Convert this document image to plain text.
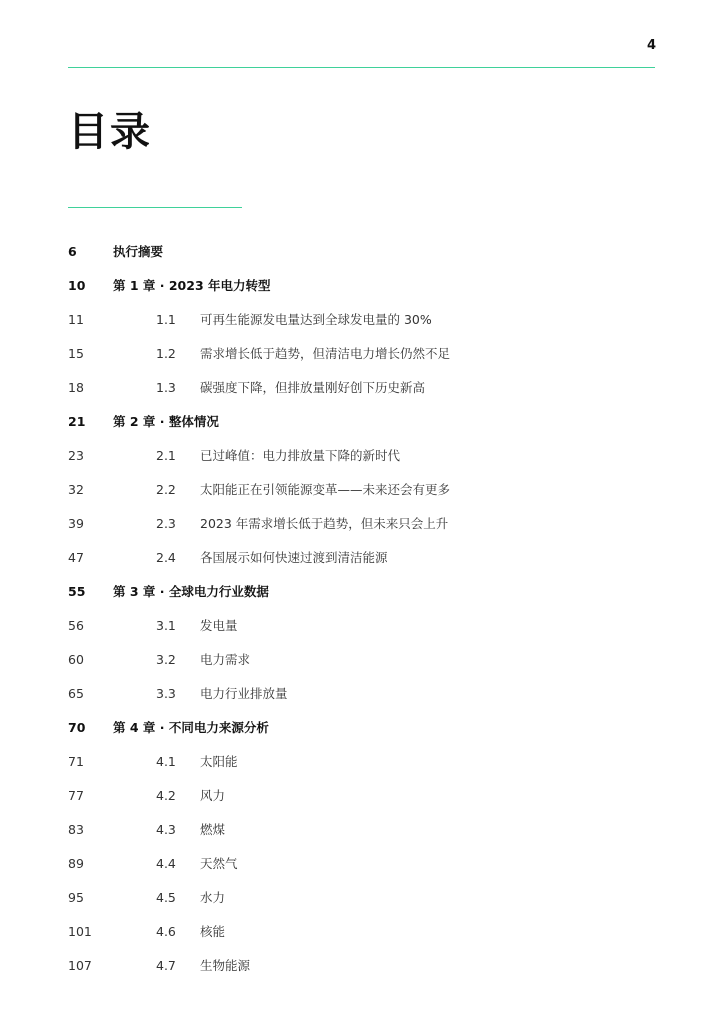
4
目录
6	执行摘要
10 第 1 章 · 2023 年电力转型
11	1.1 可再生能源发电量达到全球发电量的 30%
15	1.2 需求增长低于趋势，但清洁电力增长仍然不足
18	1.3 碳强度下降，但排放量刚好创下历史新高
21 第 2 章 · 整体情况
23	2.1 已过峰值：电力排放量下降的新时代
32	2.2 太阳能正在引领能源变革——未来还会有更多
39	2.3 2023 年需求增长低于趋势，但未来只会上升
47	2.4 各国展示如何快速过渡到清洁能源
55 第 3 章 · 全球电力行业数据
56	3.1 发电量
60	3.2 电力需求
65	3.3 电力行业排放量
70 第 4 章 · 不同电力来源分析
71	4.1 太阳能
77	4.2 风力
83	4.3 燃煤
89	4.4 天然气
95	4.5 水力
101	4.6 核能
107	4.7 生物能源
